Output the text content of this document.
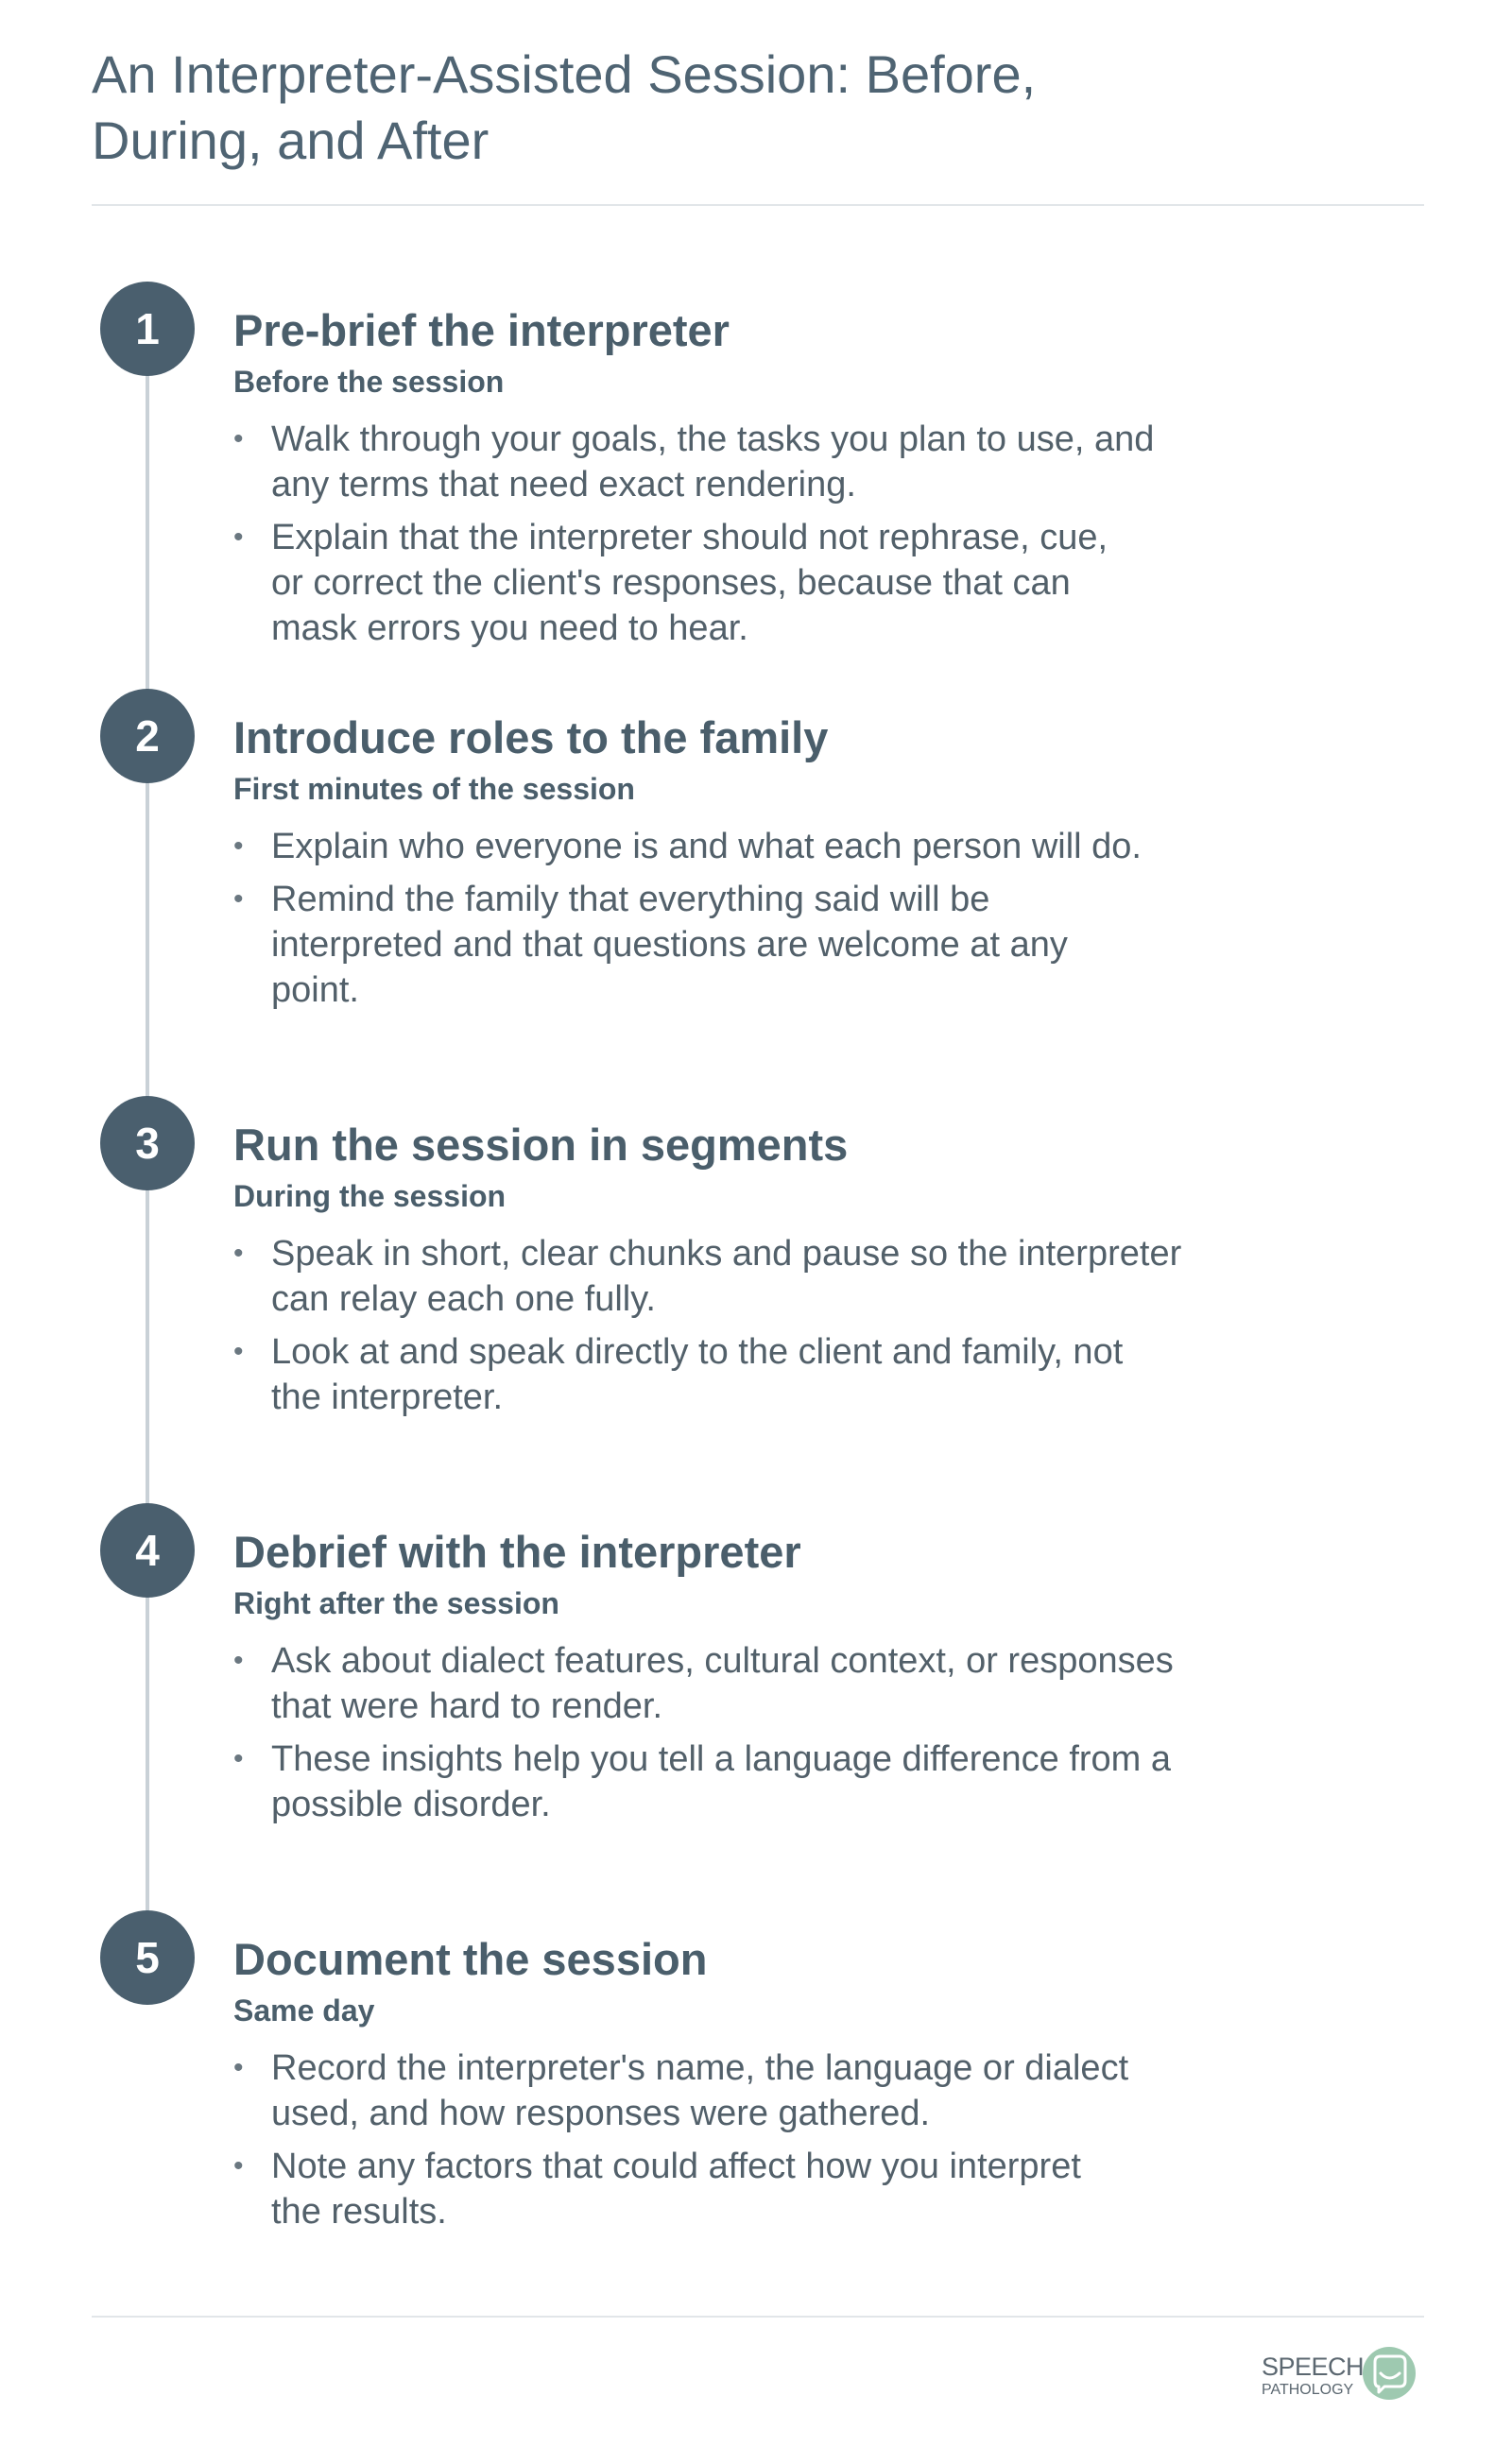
An Interpreter-Assisted Session: Before, During, and After
1	Pre-brief the interpreter
Before the session
• Walk through your goals, the tasks you plan to use, and any terms that need exact rendering.
• Explain that the interpreter should not rephrase, cue, or correct the client's responses, because that can mask errors you need to hear.
2	Introduce roles to the family
First minutes of the session
• Explain who everyone is and what each person will do.
• Remind the family that everything said will be interpreted and that questions are welcome at any point.
3	Run the session in segments
During the session
• Speak in short, clear chunks and pause so the interpreter can relay each one fully.
• Look at and speak directly to the client and family, not the interpreter.
4	Debrief with the interpreter
Right after the session
• Ask about dialect features, cultural context, or responses that were hard to render.
• These insights help you tell a language difference from a possible disorder.
5	Document the session
Same day
• Record the interpreter's name, the language or dialect used, and how responses were gathered.
• Note any factors that could affect how you interpret the results.
SPEECH
PATHOLOGY
